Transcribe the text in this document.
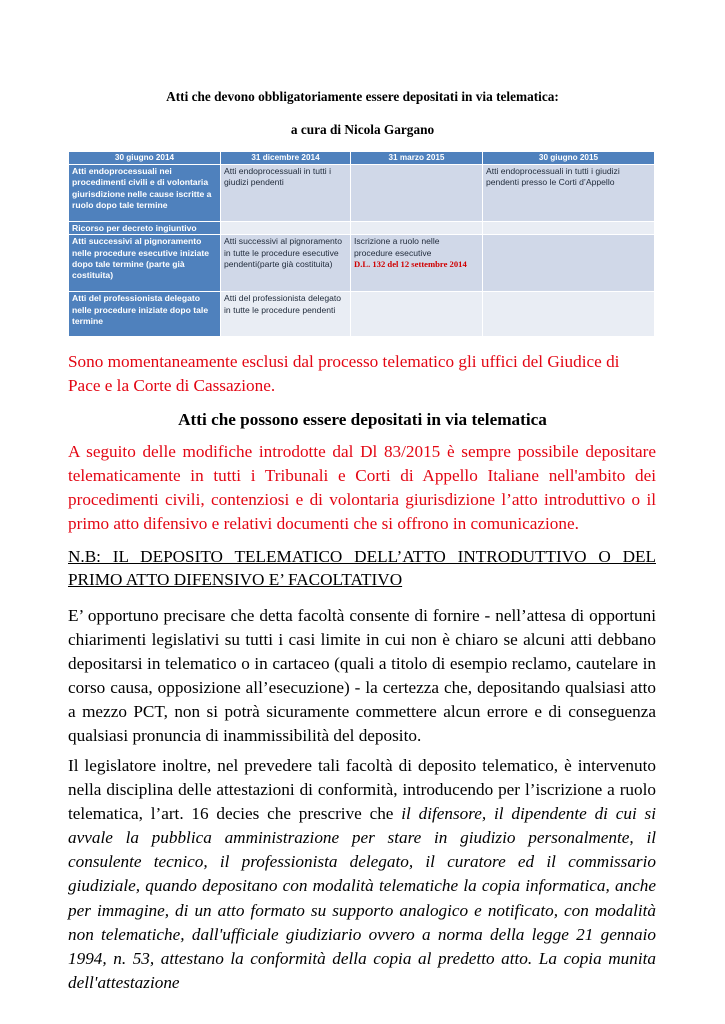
Atti che devono obbligatoriamente essere depositati in via telematica:
a cura di Nicola Gargano
30 giugno 2014	31 dicembre 2014	31 marzo 2015	30 giugno 2015
Atti endoprocessuali nei procedimenti civili e di volontaria giurisdizione nelle cause iscritte a ruolo dopo tale termine	Atti endoprocessuali in tutti i giudizi pendenti		Atti endoprocessuali in tutti i giudizi pendenti presso le Corti d’Appello
Ricorso per decreto ingiuntivo			
Atti successivi al pignoramento nelle procedure esecutive iniziate dopo tale termine (parte già costituita)	Atti successivi al pignoramento in tutte le procedure esecutive pendenti(parte già costituita)	Iscrizione a ruolo nelle procedure esecutive
D.L. 132 del 12 settembre 2014	
Atti del professionista delegato nelle procedure iniziate dopo tale termine	Atti del professionista delegato in tutte le procedure pendenti		

Sono momentaneamente esclusi dal processo telematico gli uffici del Giudice di Pace e la Corte di Cassazione.

Atti che possono essere depositati in via telematica

A seguito delle modifiche introdotte dal Dl 83/2015 è sempre possibile depositare telematicamente in tutti i Tribunali e Corti di Appello Italiane nell'ambito dei procedimenti civili, contenziosi e di volontaria giurisdizione l’atto introduttivo o il primo atto difensivo e relativi documenti che si offrono in comunicazione.

N.B: IL DEPOSITO TELEMATICO DELL’ATTO INTRODUTTIVO O DEL PRIMO ATTO DIFENSIVO E’ FACOLTATIVO

E’ opportuno precisare che detta facoltà consente di fornire - nell’attesa di opportuni chiarimenti legislativi su tutti i casi limite in cui non è chiaro se alcuni atti debbano depositarsi in telematico o in cartaceo (quali a titolo di esempio reclamo, cautelare in corso causa, opposizione all’esecuzione) - la certezza che, depositando qualsiasi atto a mezzo PCT, non si potrà sicuramente commettere alcun errore e di conseguenza qualsiasi pronuncia di inammissibilità del deposito.

Il legislatore inoltre, nel prevedere tali facoltà di deposito telematico, è intervenuto nella disciplina delle attestazioni di conformità, introducendo per l’iscrizione a ruolo telematica, l’art. 16 decies che prescrive che il difensore, il dipendente di cui si avvale la pubblica amministrazione per stare in giudizio personalmente, il consulente tecnico, il professionista delegato, il curatore ed il commissario giudiziale, quando depositano con modalità telematiche la copia informatica, anche per immagine, di un atto formato su supporto analogico e notificato, con modalità non telematiche, dall'ufficiale giudiziario ovvero a norma della legge 21 gennaio 1994, n. 53, attestano la conformità della copia al predetto atto. La copia munita dell'attestazione
